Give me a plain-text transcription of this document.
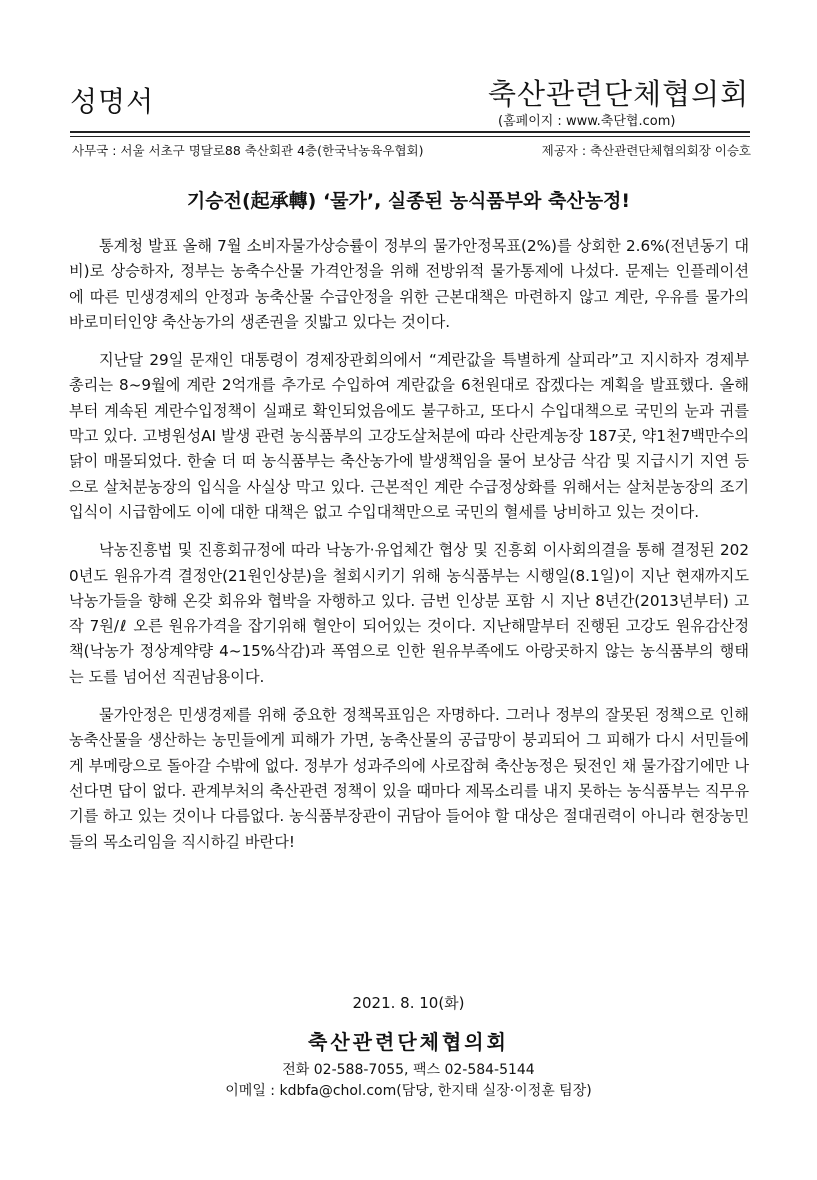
성명서	축산관련단체협의회
(홈페이지 : www.축단협.com)
사무국 : 서울 서초구 명달로88 축산회관 4층(한국낙농육우협회)	제공자 : 축산관련단체협의회장 이승호
기승전(起承轉) ‘물가’, 실종된 농식품부와 축산농정!

통계청 발표 올해 7월 소비자물가상승률이 정부의 물가안정목표(2%)를 상회한 2.6%(전년동기 대비)로 상승하자, 정부는 농축수산물 가격안정을 위해 전방위적 물가통제에 나섰다. 문제는 인플레이션에 따른 민생경제의 안정과 농축산물 수급안정을 위한 근본대책은 마련하지 않고 계란, 우유를 물가의 바로미터인양 축산농가의 생존권을 짓밟고 있다는 것이다.

지난달 29일 문재인 대통령이 경제장관회의에서 “계란값을 특별하게 살피라”고 지시하자 경제부총리는 8~9월에 계란 2억개를 추가로 수입하여 계란값을 6천원대로 잡겠다는 계획을 발표했다. 올해부터 계속된 계란수입정책이 실패로 확인되었음에도 불구하고, 또다시 수입대책으로 국민의 눈과 귀를 막고 있다. 고병원성AI 발생 관련 농식품부의 고강도살처분에 따라 산란계농장 187곳, 약1천7백만수의 닭이 매몰되었다. 한술 더 떠 농식품부는 축산농가에 발생책임을 물어 보상금 삭감 및 지급시기 지연 등으로 살처분농장의 입식을 사실상 막고 있다. 근본적인 계란 수급정상화를 위해서는 살처분농장의 조기입식이 시급함에도 이에 대한 대책은 없고 수입대책만으로 국민의 혈세를 낭비하고 있는 것이다.

낙농진흥법 및 진흥회규정에 따라 낙농가·유업체간 협상 및 진흥회 이사회의결을 통해 결정된 2020년도 원유가격 결정안(21원인상분)을 철회시키기 위해 농식품부는 시행일(8.1일)이 지난 현재까지도 낙농가들을 향해 온갖 회유와 협박을 자행하고 있다. 금번 인상분 포함 시 지난 8년간(2013년부터) 고작 7원/ℓ 오른 원유가격을 잡기위해 혈안이 되어있는 것이다. 지난해말부터 진행된 고강도 원유감산정책(낙농가 정상계약량 4~15%삭감)과 폭염으로 인한 원유부족에도 아랑곳하지 않는 농식품부의 행태는 도를 넘어선 직권남용이다.

물가안정은 민생경제를 위해 중요한 정책목표임은 자명하다. 그러나 정부의 잘못된 정책으로 인해 농축산물을 생산하는 농민들에게 피해가 가면, 농축산물의 공급망이 붕괴되어 그 피해가 다시 서민들에게 부메랑으로 돌아갈 수밖에 없다. 정부가 성과주의에 사로잡혀 축산농정은 뒷전인 채 물가잡기에만 나선다면 답이 없다. 관계부처의 축산관련 정책이 있을 때마다 제목소리를 내지 못하는 농식품부는 직무유기를 하고 있는 것이나 다름없다. 농식품부장관이 귀담아 들어야 할 대상은 절대권력이 아니라 현장농민들의 목소리임을 직시하길 바란다!

2021. 8. 10(화)
축산관련단체협의회
전화 02-588-7055, 팩스 02-584-5144
이메일 : kdbfa@chol.com(담당, 한지태 실장·이정훈 팀장)
